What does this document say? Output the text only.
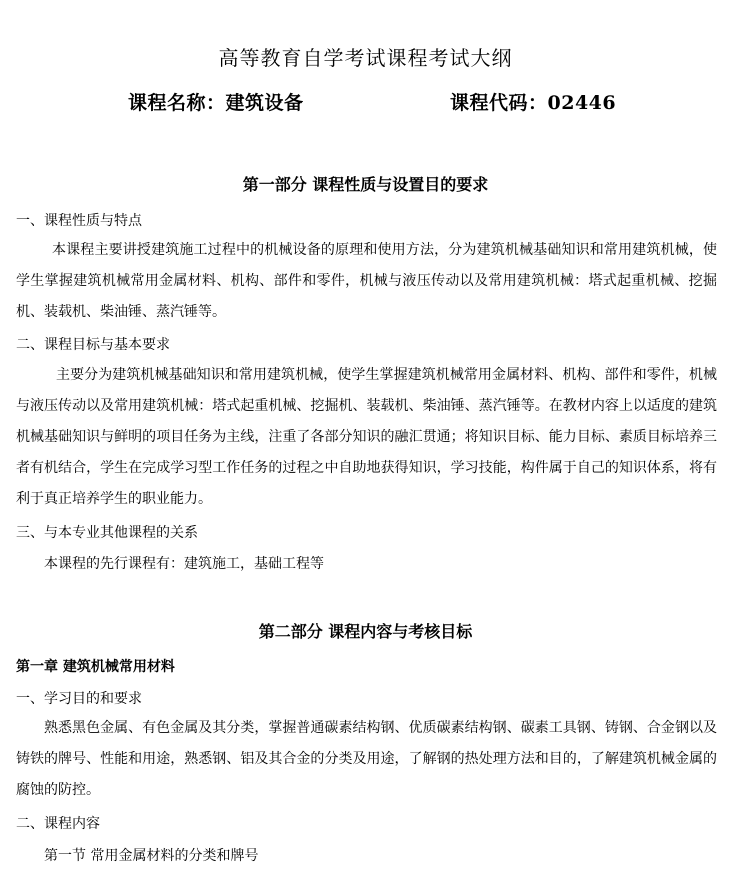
高等教育自学考试课程考试大纲
课程名称：建筑设备	课程代码：02446
第一部分 课程性质与设置目的要求
一、课程性质与特点

本课程主要讲授建筑施工过程中的机械设备的原理和使用方法，分为建筑机械基础知识和常用建筑机械，使学生掌握建筑机械常用金属材料、机构、部件和零件，机械与液压传动以及常用建筑机械：塔式起重机械、挖掘机、装载机、柴油锤、蒸汽锤等。

二、课程目标与基本要求

主要分为建筑机械基础知识和常用建筑机械，使学生掌握建筑机械常用金属材料、机构、部件和零件，机械与液压传动以及常用建筑机械：塔式起重机械、挖掘机、装载机、柴油锤、蒸汽锤等。在教材内容上以适度的建筑机械基础知识与鲜明的项目任务为主线，注重了各部分知识的融汇贯通；将知识目标、能力目标、素质目标培养三者有机结合，学生在完成学习型工作任务的过程之中自助地获得知识，学习技能，构件属于自己的知识体系，将有利于真正培养学生的职业能力。

三、与本专业其他课程的关系
本课程的先行课程有：建筑施工，基础工程等
第二部分 课程内容与考核目标
第一章 建筑机械常用材料
一、学习目的和要求

熟悉黑色金属、有色金属及其分类，掌握普通碳素结构钢、优质碳素结构钢、碳素工具钢、铸钢、合金钢以及铸铁的牌号、性能和用途，熟悉钢、铝及其合金的分类及用途，了解钢的热处理方法和目的，了解建筑机械金属的腐蚀的防控。

二、课程内容
第一节 常用金属材料的分类和牌号
